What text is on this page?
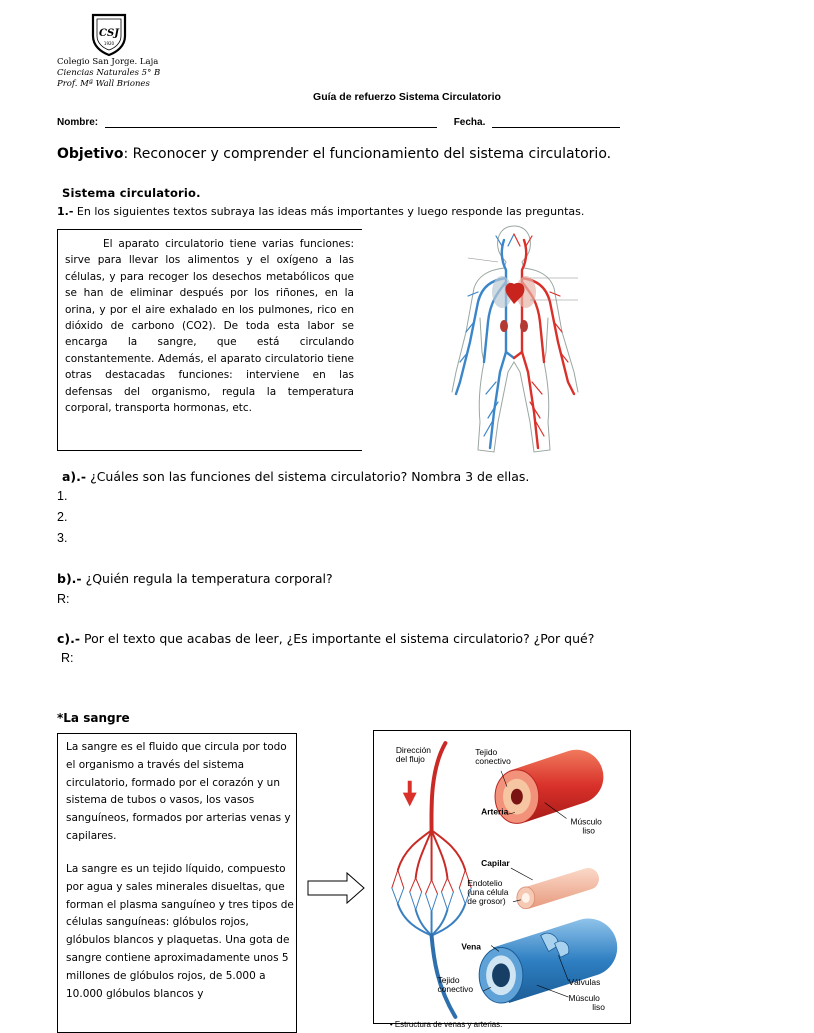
CSJ
1920
Colegio San Jorge. Laja
Ciencias Naturales 5° B
Prof. Mª Wall Briones
Guía de refuerzo Sistema Circulatorio
Nombre:	Fecha.
Objetivo: Reconocer y comprender el funcionamiento del sistema circulatorio.
Sistema circulatorio.
1.- En los siguientes textos subraya las ideas más importantes y luego responde las preguntas.
El aparato circulatorio tiene varias funciones: sirve para llevar los alimentos y el oxígeno a las células, y para recoger los desechos metabólicos que se han de eliminar después por los riñones, en la orina, y por el aire exhalado en los pulmones, rico en dióxido de carbono (CO2). De toda esta labor se encarga la sangre, que está circulando constantemente. Además, el aparato circulatorio tiene otras destacadas funciones: interviene en las defensas del organismo, regula la temperatura corporal, transporta hormonas, etc.
a).- ¿Cuáles son las funciones del sistema circulatorio? Nombra 3 de ellas.
1.
2.
3.
b).- ¿Quién regula la temperatura corporal?
R:
c).- Por el texto que acabas de leer, ¿Es importante el sistema circulatorio? ¿Por qué?
R:
*La sangre
La sangre es el fluido que circula por todo el organismo a través del sistema circulatorio, formado por el corazón y un sistema de tubos o vasos, los vasos sanguíneos, formados por arterias venas y capilares.
La sangre es un tejido líquido, compuesto por agua y sales minerales disueltas, que forman el plasma sanguíneo y tres tipos de células sanguíneas: glóbulos rojos, glóbulos blancos y plaquetas. Una gota de sangre contiene aproximadamente unos 5 millones de glóbulos rojos, de 5.000 a 10.000 glóbulos blancos y
Dirección
del flujo
Tejido
conectivo
Arteria
Músculo
liso
Capilar
Endotelio
(una célula
de grosor)
Vena
Tejido
conectivo
Válvulas
Músculo
liso
• Estructura de venas y arterias.
